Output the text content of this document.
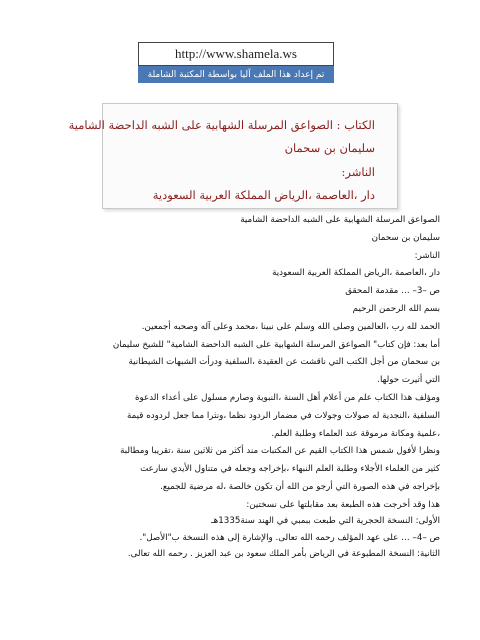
http://www.shamela.ws
تم إعداد هذا الملف آليا بواسطة المكتبة الشاملة
الكتاب : الصواعق المرسلة الشهابية على الشبه الداحضة الشامية
سليمان بن سحمان
الناشر:
دار ،العاصمة ،الرياض المملكة العربية السعودية

الصواعق المرسلة الشهابية على الشبه الداحضة الشامية

سليمان بن سحمان

الناشر:

دار ،العاصمة ،الرياض المملكة العربية السعودية

ص –3– … مقدمة المحقق

بسم الله الرحمن الرحيم

الحمد لله رب ،العالمين وصلى الله وسلم على نبينا ،محمد وعلى آله وصحبه أجمعين.

أما بعد: فإن كتاب" الصواعق المرسلة الشهابية على الشبه الداحضة الشامية" للشيخ سليمان

بن سحمان من أجل الكتب التي ناقشت عن العقيدة ،السلفية ودرأت الشبهات الشيطانية

التي أثيرت حولها.

ومؤلف هذا الكتاب علم من أعلام أهل السنة ،النبوية وصارم مسلول على أعداء الدعوة

السلفية ،النجدية له صولات وجولات في مضمار الردود نظما ،ونثرا مما جعل لردوده قيمة

،علمية ومكانة مرموقة عند العلماء وطلبة العلم.

ونظرا لأفول شمس هذا الكتاب القيم عن المكتبات مند أكثر من ثلاثين سنة ،تقريبا ومطالبة

كثير من العلماء الأجلاء وطلبة العلم النبهاء ،بإخراجه وجعله في متناول الأيدي سارعت

بإخراجه في هذه الصورة التي أرجو من الله أن تكون خالصة ،له مرضية للجميع.

هذا وقد أخرجت هذه الطبعة بعد مقابلتها على نسختين:

الأولى: النسخة الحجرية التي طبعت ببمبي في الهند سنة1335هـ

ص –4– … على عهد المؤلف رحمه الله تعالى. والإشارة إلى هذه النسخة ب"الأصل".

الثانية: النسخة المطبوعة في الرياض بأمر الملك سعود بن عبد العزيز . رحمه الله تعالى.
